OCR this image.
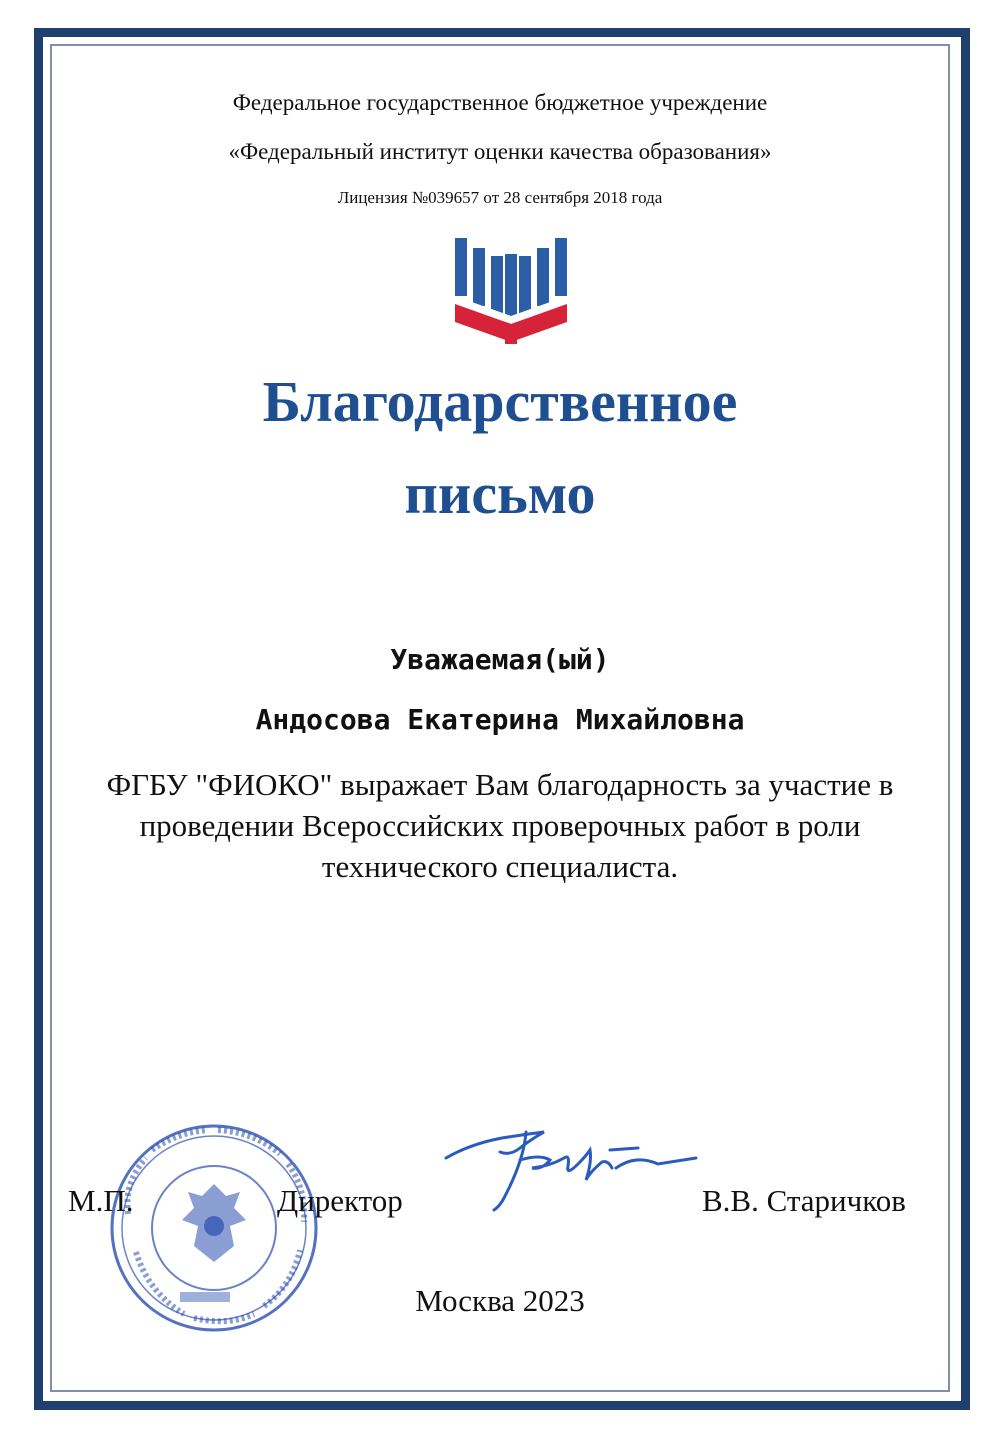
Федеральное государственное бюджетное учреждение
«Федеральный институт оценки качества образования»
Лицензия №039657 от 28 сентября 2018 года
Благодарственное
письмо
Уважаемая(ый)
Андосова Екатерина Михайловна
ФГБУ "ФИОКО" выражает Вам благодарность за участие в проведении Всероссийских проверочных работ в роли технического специалиста.
М.П.	Директор	В.В. Старичков
Москва 2023
